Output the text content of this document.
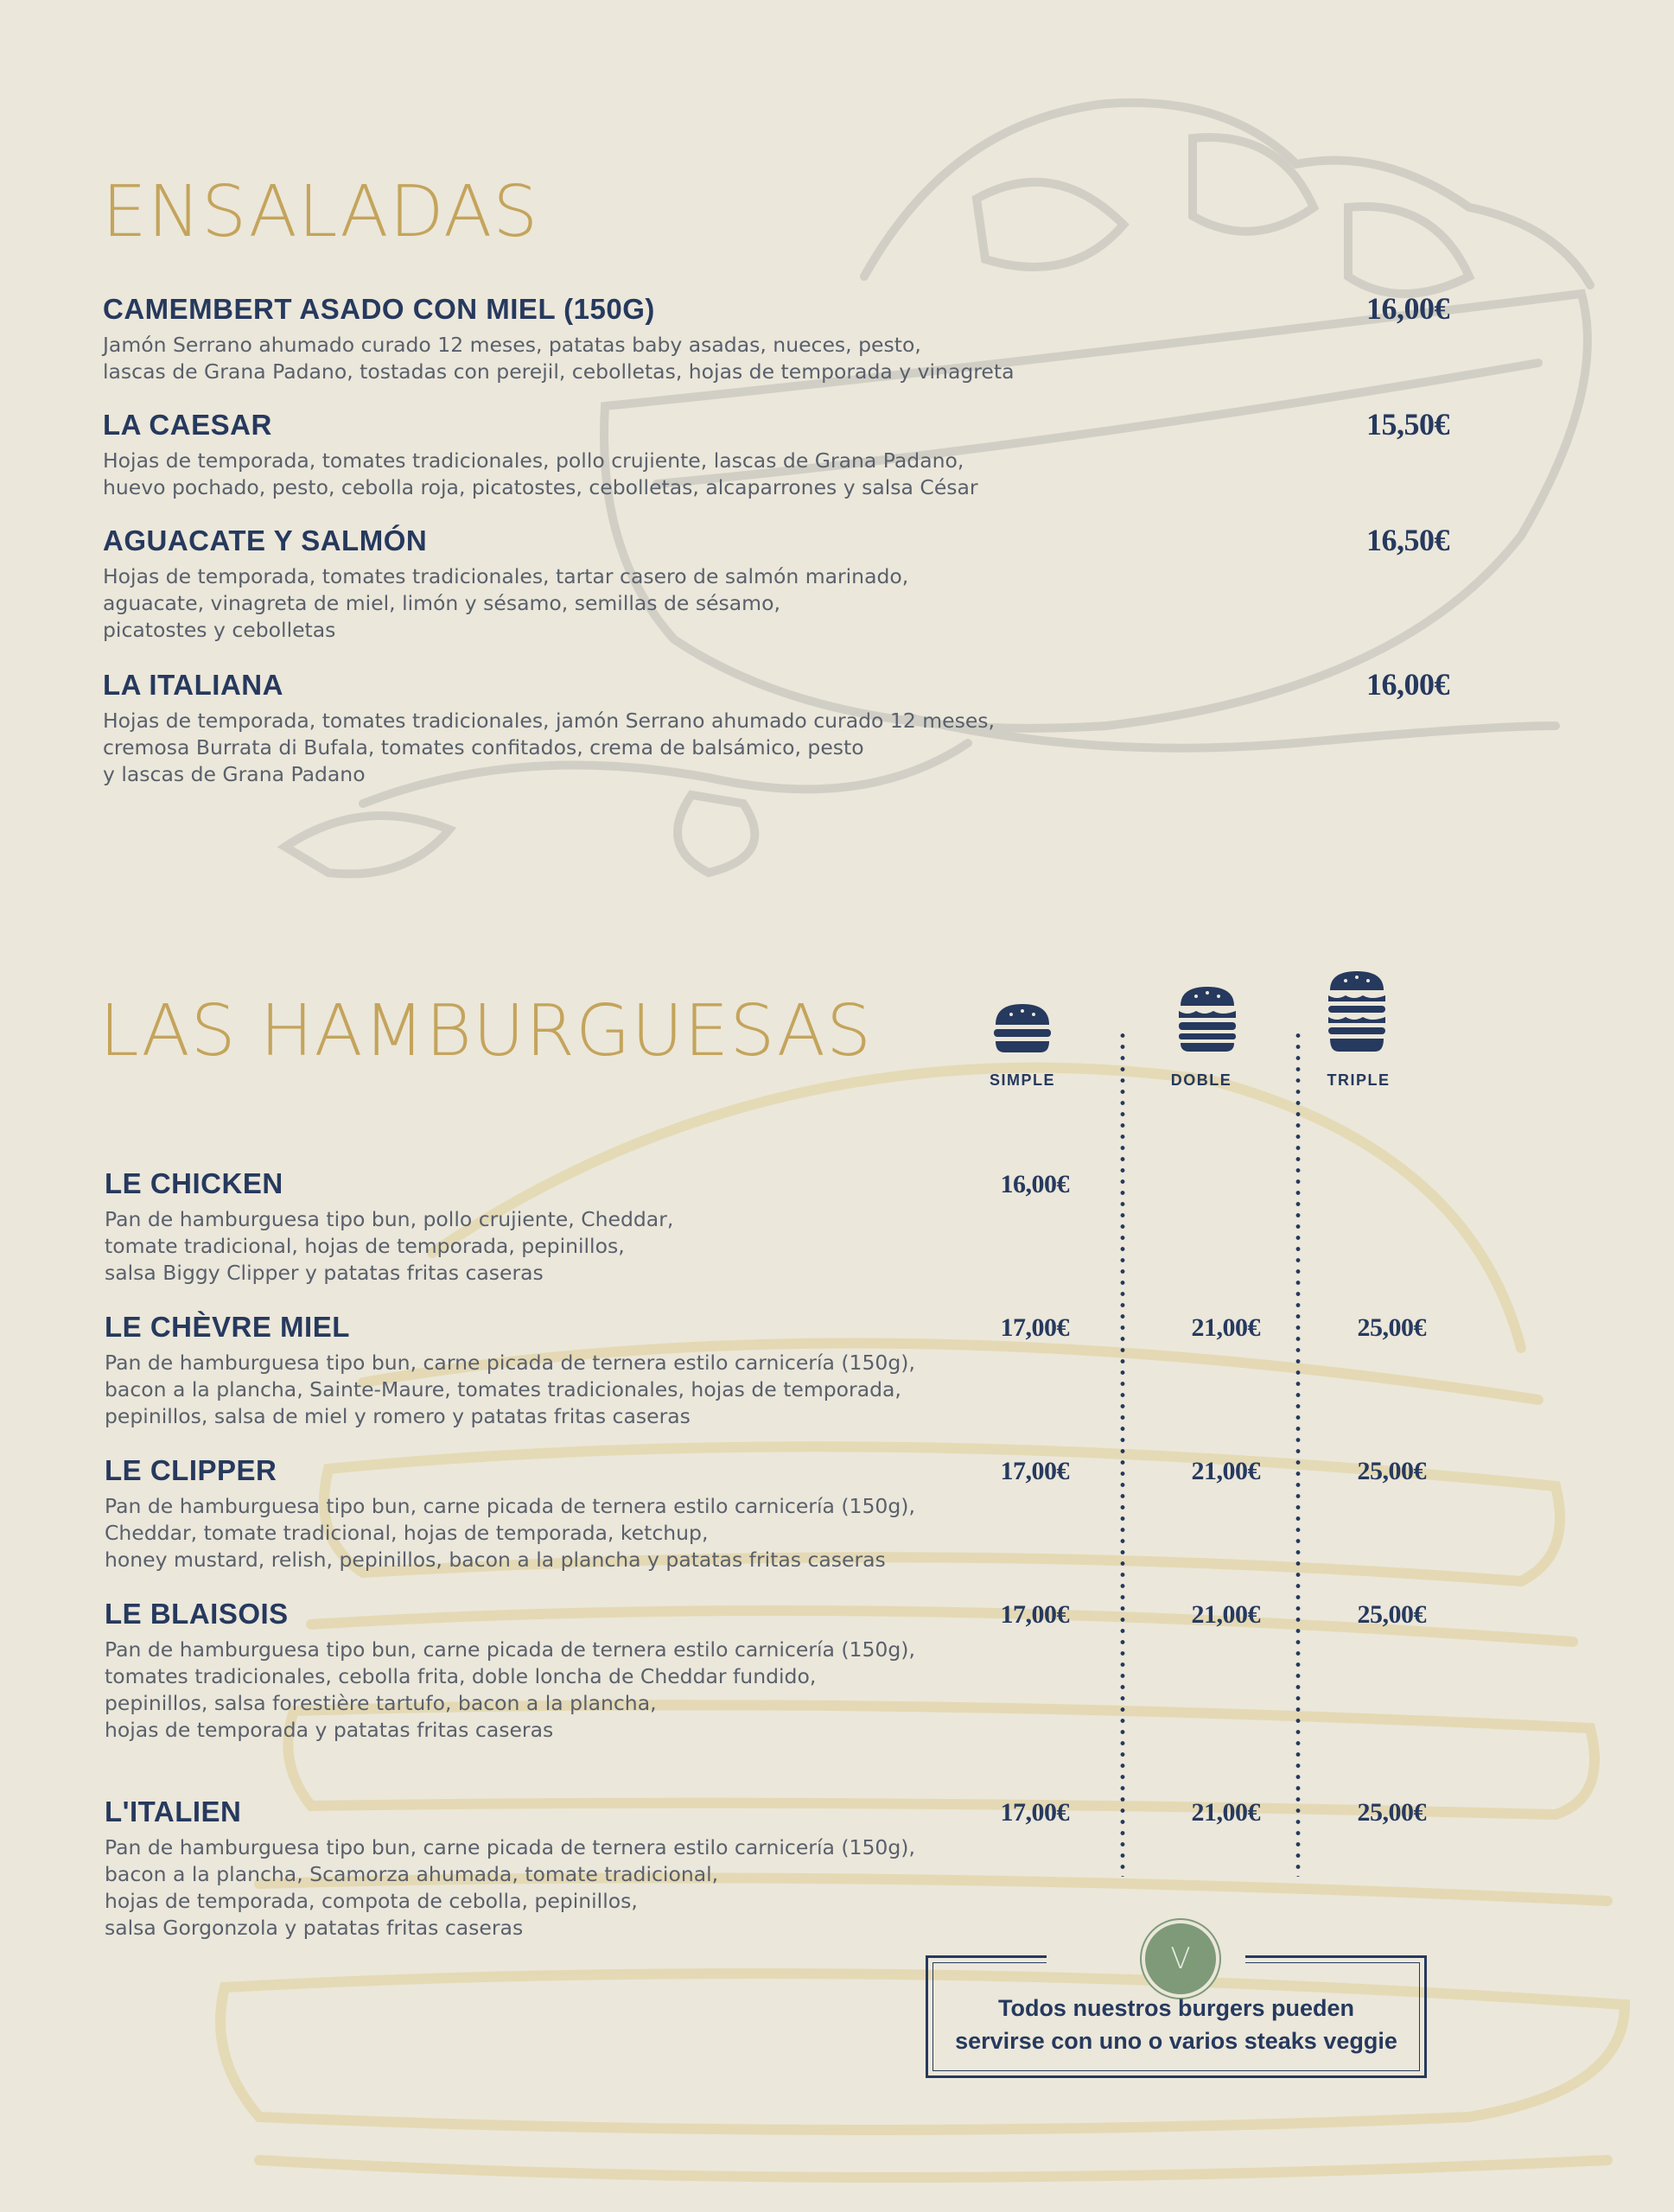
ENSALADAS
CAMEMBERT ASADO CON MIEL (150G)
Jamón Serrano ahumado curado 12 meses, patatas baby asadas, nueces, pesto,
lascas de Grana Padano, tostadas con perejil, cebolletas, hojas de temporada y vinagreta
16,00€
LA CAESAR
Hojas de temporada, tomates tradicionales, pollo crujiente, lascas de Grana Padano,
huevo pochado, pesto, cebolla roja, picatostes, cebolletas, alcaparrones y salsa César
15,50€
AGUACATE Y SALMÓN
Hojas de temporada, tomates tradicionales, tartar casero de salmón marinado,
aguacate, vinagreta de miel, limón y sésamo, semillas de sésamo,
picatostes y cebolletas
16,50€
LA ITALIANA
Hojas de temporada, tomates tradicionales, jamón Serrano ahumado curado 12 meses,
cremosa Burrata di Bufala, tomates confitados, crema de balsámico, pesto
y lascas de Grana Padano
16,00€
LAS HAMBURGUESAS
SIMPLE	DOBLE	TRIPLE
LE CHICKEN
Pan de hamburguesa tipo bun, pollo crujiente, Cheddar,
tomate tradicional, hojas de temporada, pepinillos,
salsa Biggy Clipper y patatas fritas caseras
16,00€
LE CHÈVRE MIEL
Pan de hamburguesa tipo bun, carne picada de ternera estilo carnicería (150g),
bacon a la plancha, Sainte-Maure, tomates tradicionales, hojas de temporada,
pepinillos, salsa de miel y romero y patatas fritas caseras
17,00€	21,00€	25,00€
LE CLIPPER
Pan de hamburguesa tipo bun, carne picada de ternera estilo carnicería (150g),
Cheddar, tomate tradicional, hojas de temporada, ketchup,
honey mustard, relish, pepinillos, bacon a la plancha y patatas fritas caseras
17,00€	21,00€	25,00€
LE BLAISOIS
Pan de hamburguesa tipo bun, carne picada de ternera estilo carnicería (150g),
tomates tradicionales, cebolla frita, doble loncha de Cheddar fundido,
pepinillos, salsa forestière tartufo, bacon a la plancha,
hojas de temporada y patatas fritas caseras
17,00€	21,00€	25,00€
L'ITALIEN
Pan de hamburguesa tipo bun, carne picada de ternera estilo carnicería (150g),
bacon a la plancha, Scamorza ahumada, tomate tradicional,
hojas de temporada, compota de cebolla, pepinillos,
salsa Gorgonzola y patatas fritas caseras
17,00€	21,00€	25,00€
V
Todos nuestros burgers pueden
servirse con uno o varios steaks veggie
